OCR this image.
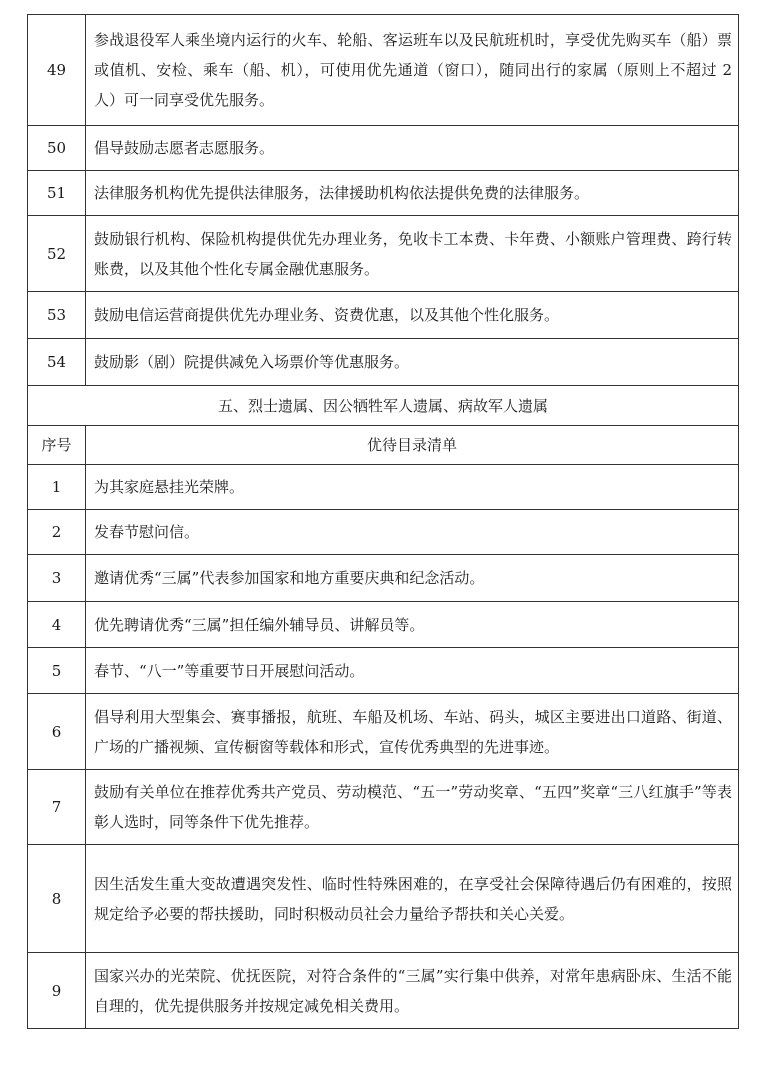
49	参战退役军人乘坐境内运行的火车、轮船、客运班车以及民航班机时，享受优先购买车（船）票或值机、安检、乘车（船、机），可使用优先通道（窗口），随同出行的家属（原则上不超过 2 人）可一同享受优先服务。
50	倡导鼓励志愿者志愿服务。
51	法律服务机构优先提供法律服务，法律援助机构依法提供免费的法律服务。
52	鼓励银行机构、保险机构提供优先办理业务，免收卡工本费、卡年费、小额账户管理费、跨行转账费，以及其他个性化专属金融优惠服务。
53	鼓励电信运营商提供优先办理业务、资费优惠，以及其他个性化服务。
54	鼓励影（剧）院提供减免入场票价等优惠服务。
五、烈士遗属、因公牺牲军人遗属、病故军人遗属	
序号	优待目录清单
1	为其家庭悬挂光荣牌。
2	发春节慰问信。
3	邀请优秀“三属”代表参加国家和地方重要庆典和纪念活动。
4	优先聘请优秀“三属”担任编外辅导员、讲解员等。
5	春节、“八一”等重要节日开展慰问活动。
6	倡导利用大型集会、赛事播报，航班、车船及机场、车站、码头，城区主要进出口道路、街道、广场的广播视频、宣传橱窗等载体和形式，宣传优秀典型的先进事迹。
7	鼓励有关单位在推荐优秀共产党员、劳动模范、“五一”劳动奖章、“五四”奖章“三八红旗手”等表彰人选时，同等条件下优先推荐。
8	因生活发生重大变故遭遇突发性、临时性特殊困难的，在享受社会保障待遇后仍有困难的，按照规定给予必要的帮扶援助，同时积极动员社会力量给予帮扶和关心关爱。
9	国家兴办的光荣院、优抚医院，对符合条件的“三属”实行集中供养，对常年患病卧床、生活不能自理的，优先提供服务并按规定减免相关费用。
